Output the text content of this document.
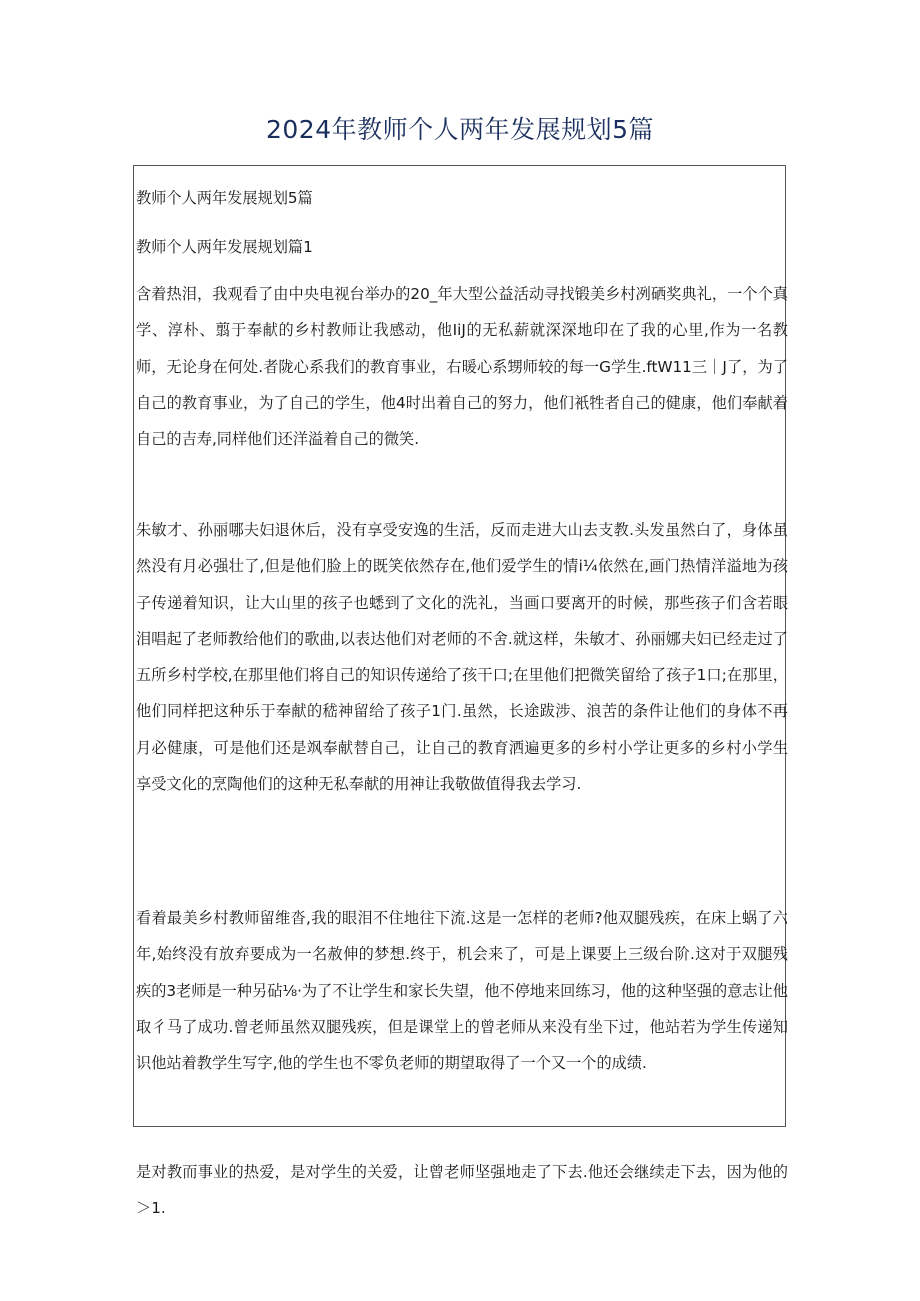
2024年教师个人两年发展规划5篇

教师个人两年发展规划5篇

教师个人两年发展规划篇1

含着热泪，我观看了由中央电视台举办的20_年大型公益活动寻找锻美乡村冽硒奖典礼，一个个真学、淳朴、翦于奉献的乡村教师让我感动，他IiJ的无私薪就深深地印在了我的心里,作为一名教师，无论身在何处.者陇心系我们的教育事业，右暖心系甥师较的每一G学生.ftW11三｜J了，为了自己的教育事业，为了自己的学生，他4时出着自己的努力，他们衹牲者自己的健康，他们奉献着自己的吉寿,同样他们还洋溢着自己的微笑.

朱敏才、孙丽哪夫妇退休后，没有享受安逸的生活，反而走进大山去支教.头发虽然白了，身体虽然没有月必强壮了,但是他们脸上的既笑依然存在,他们爱学生的情i¼依然在,画门热情洋溢地为孩子传递着知识，让大山里的孩子也蟋到了文化的洗礼，当画口要离开的时候，那些孩子们含若眼泪唱起了老师教给他们的歌曲,以表达他们对老师的不舍.就这样，朱敏才、孙丽娜夫妇已经走过了五所乡村学校,在那里他们将自己的知识传递给了孩干口;在里他们把微笑留给了孩子1口;在那里，他们同样把这种乐于奉献的嵇神留给了孩子1门.虽然，长途跋涉、浪苦的条件让他们的身体不再月必健康，可是他们还是飒奉献替自己，让自己的教育洒遍更多的乡村小学让更多的乡村小学生享受文化的烹陶他们的这种无私奉献的用神让我敬做值得我去学习.

看着最美乡村教师留维沓,我的眼泪不住地往下流.这是一怎样的老师?他双腿残疾，在床上蜗了六年,始终没有放弃要成为一名赦伸的梦想.终于，机会来了，可是上课要上三级台阶.这对于双腿残疾的3老师是一种另砧⅛·为了不让学生和家长失望，他不停地来回练习，他的这种坚强的意志让他取彳马了成功.曾老师虽然双腿残疾，但是课堂上的曾老师从来没有坐下过，他站若为学生传递知识他站着教学生写字,他的学生也不零负老师的期望取得了一个又一个的成绩.

是对教而事业的热爱，是对学生的关爱，让曾老师坚强地走了下去.他还会继续走下去，因为他的＞1.
